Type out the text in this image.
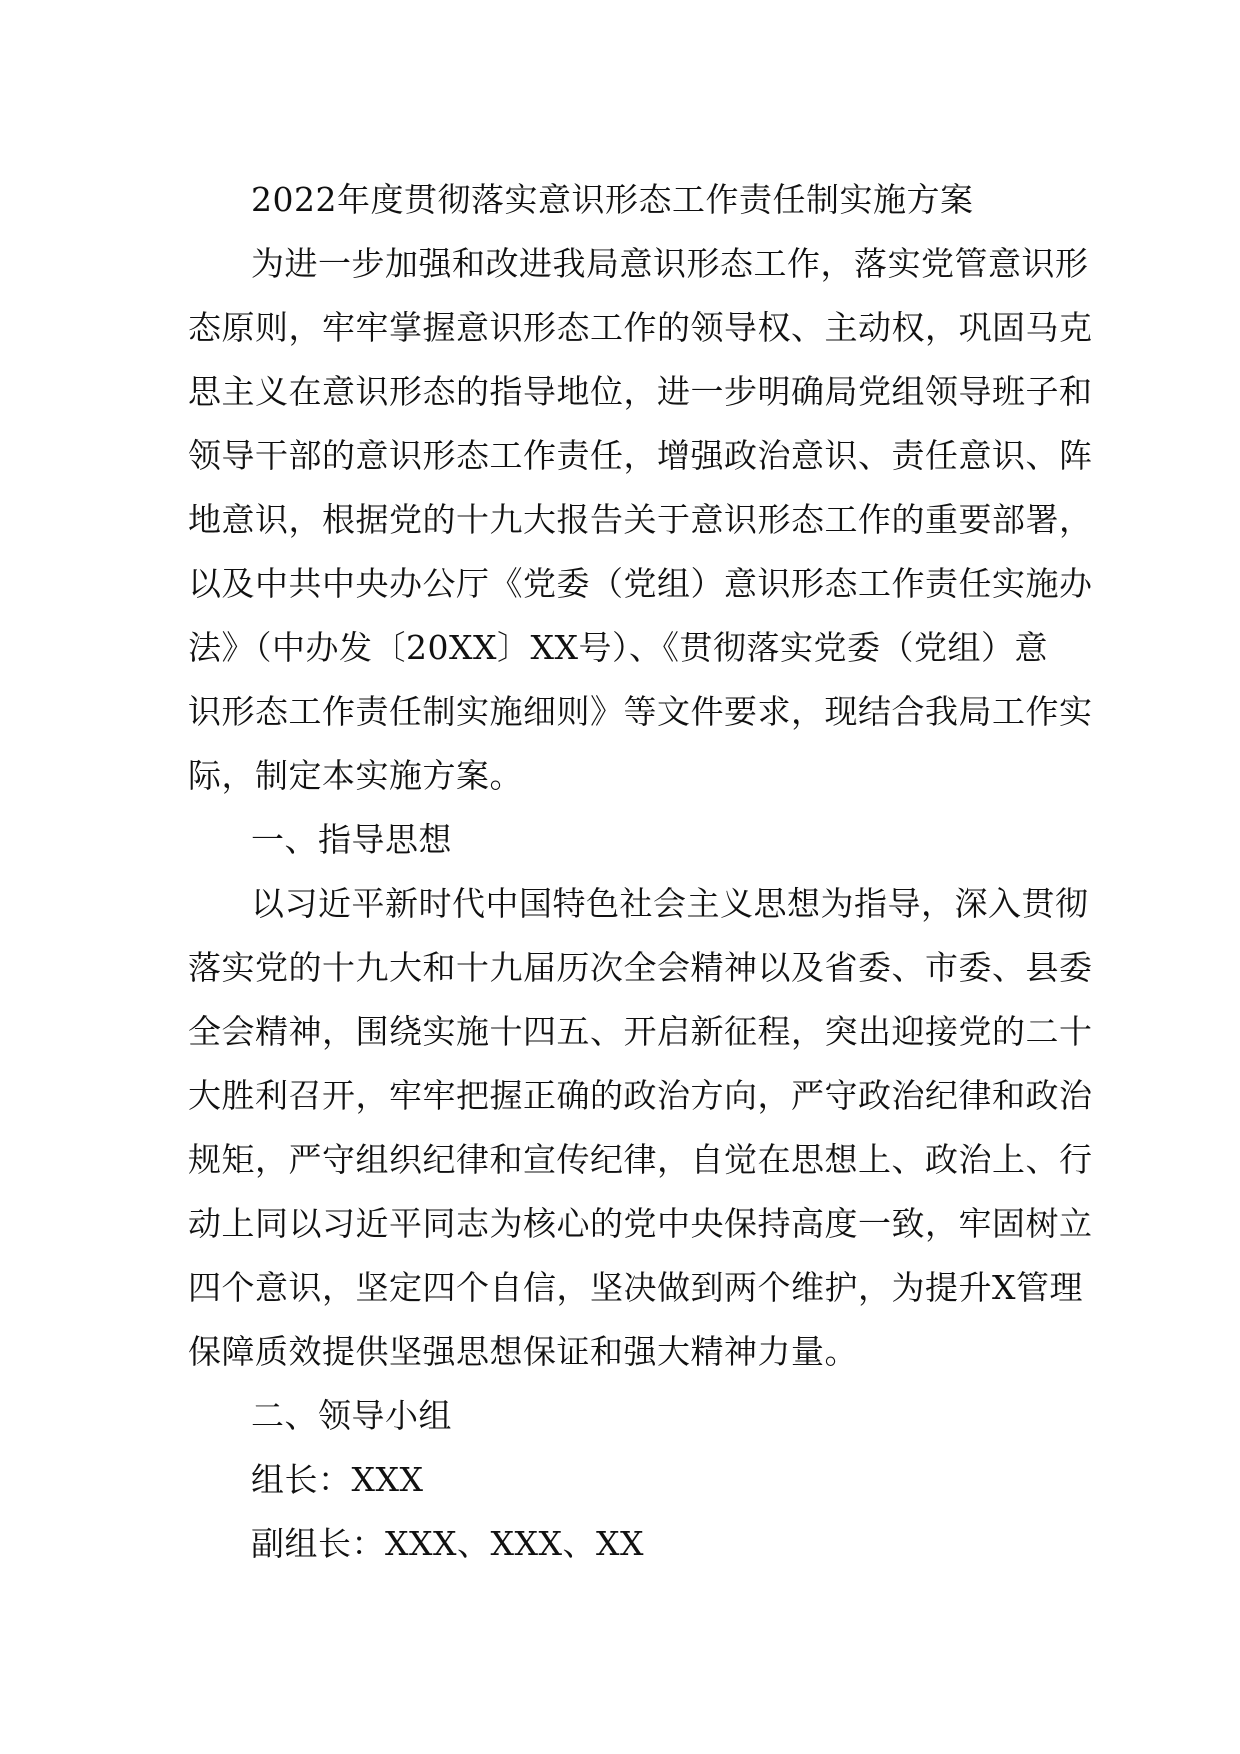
2022年度贯彻落实意识形态工作责任制实施方案
为进一步加强和改进我局意识形态工作，落实党管意识形
态原则，牢牢掌握意识形态工作的领导权、主动权，巩固马克
思主义在意识形态的指导地位，进一步明确局党组领导班子和
领导干部的意识形态工作责任，增强政治意识、责任意识、阵
地意识，根据党的十九大报告关于意识形态工作的重要部署，
以及中共中央办公厅《党委（党组）意识形态工作责任实施办
法》（中办发〔20XX〕XX号）、《贯彻落实党委（党组）意
识形态工作责任制实施细则》等文件要求，现结合我局工作实
际，制定本实施方案。
一、指导思想
以习近平新时代中国特色社会主义思想为指导，深入贯彻
落实党的十九大和十九届历次全会精神以及省委、市委、县委
全会精神，围绕实施十四五、开启新征程，突出迎接党的二十
大胜利召开，牢牢把握正确的政治方向，严守政治纪律和政治
规矩，严守组织纪律和宣传纪律，自觉在思想上、政治上、行
动上同以习近平同志为核心的党中央保持高度一致，牢固树立
四个意识，坚定四个自信，坚决做到两个维护，为提升X管理
保障质效提供坚强思想保证和强大精神力量。
二、领导小组
组长：XXX
副组长：XXX、XXX、XX
